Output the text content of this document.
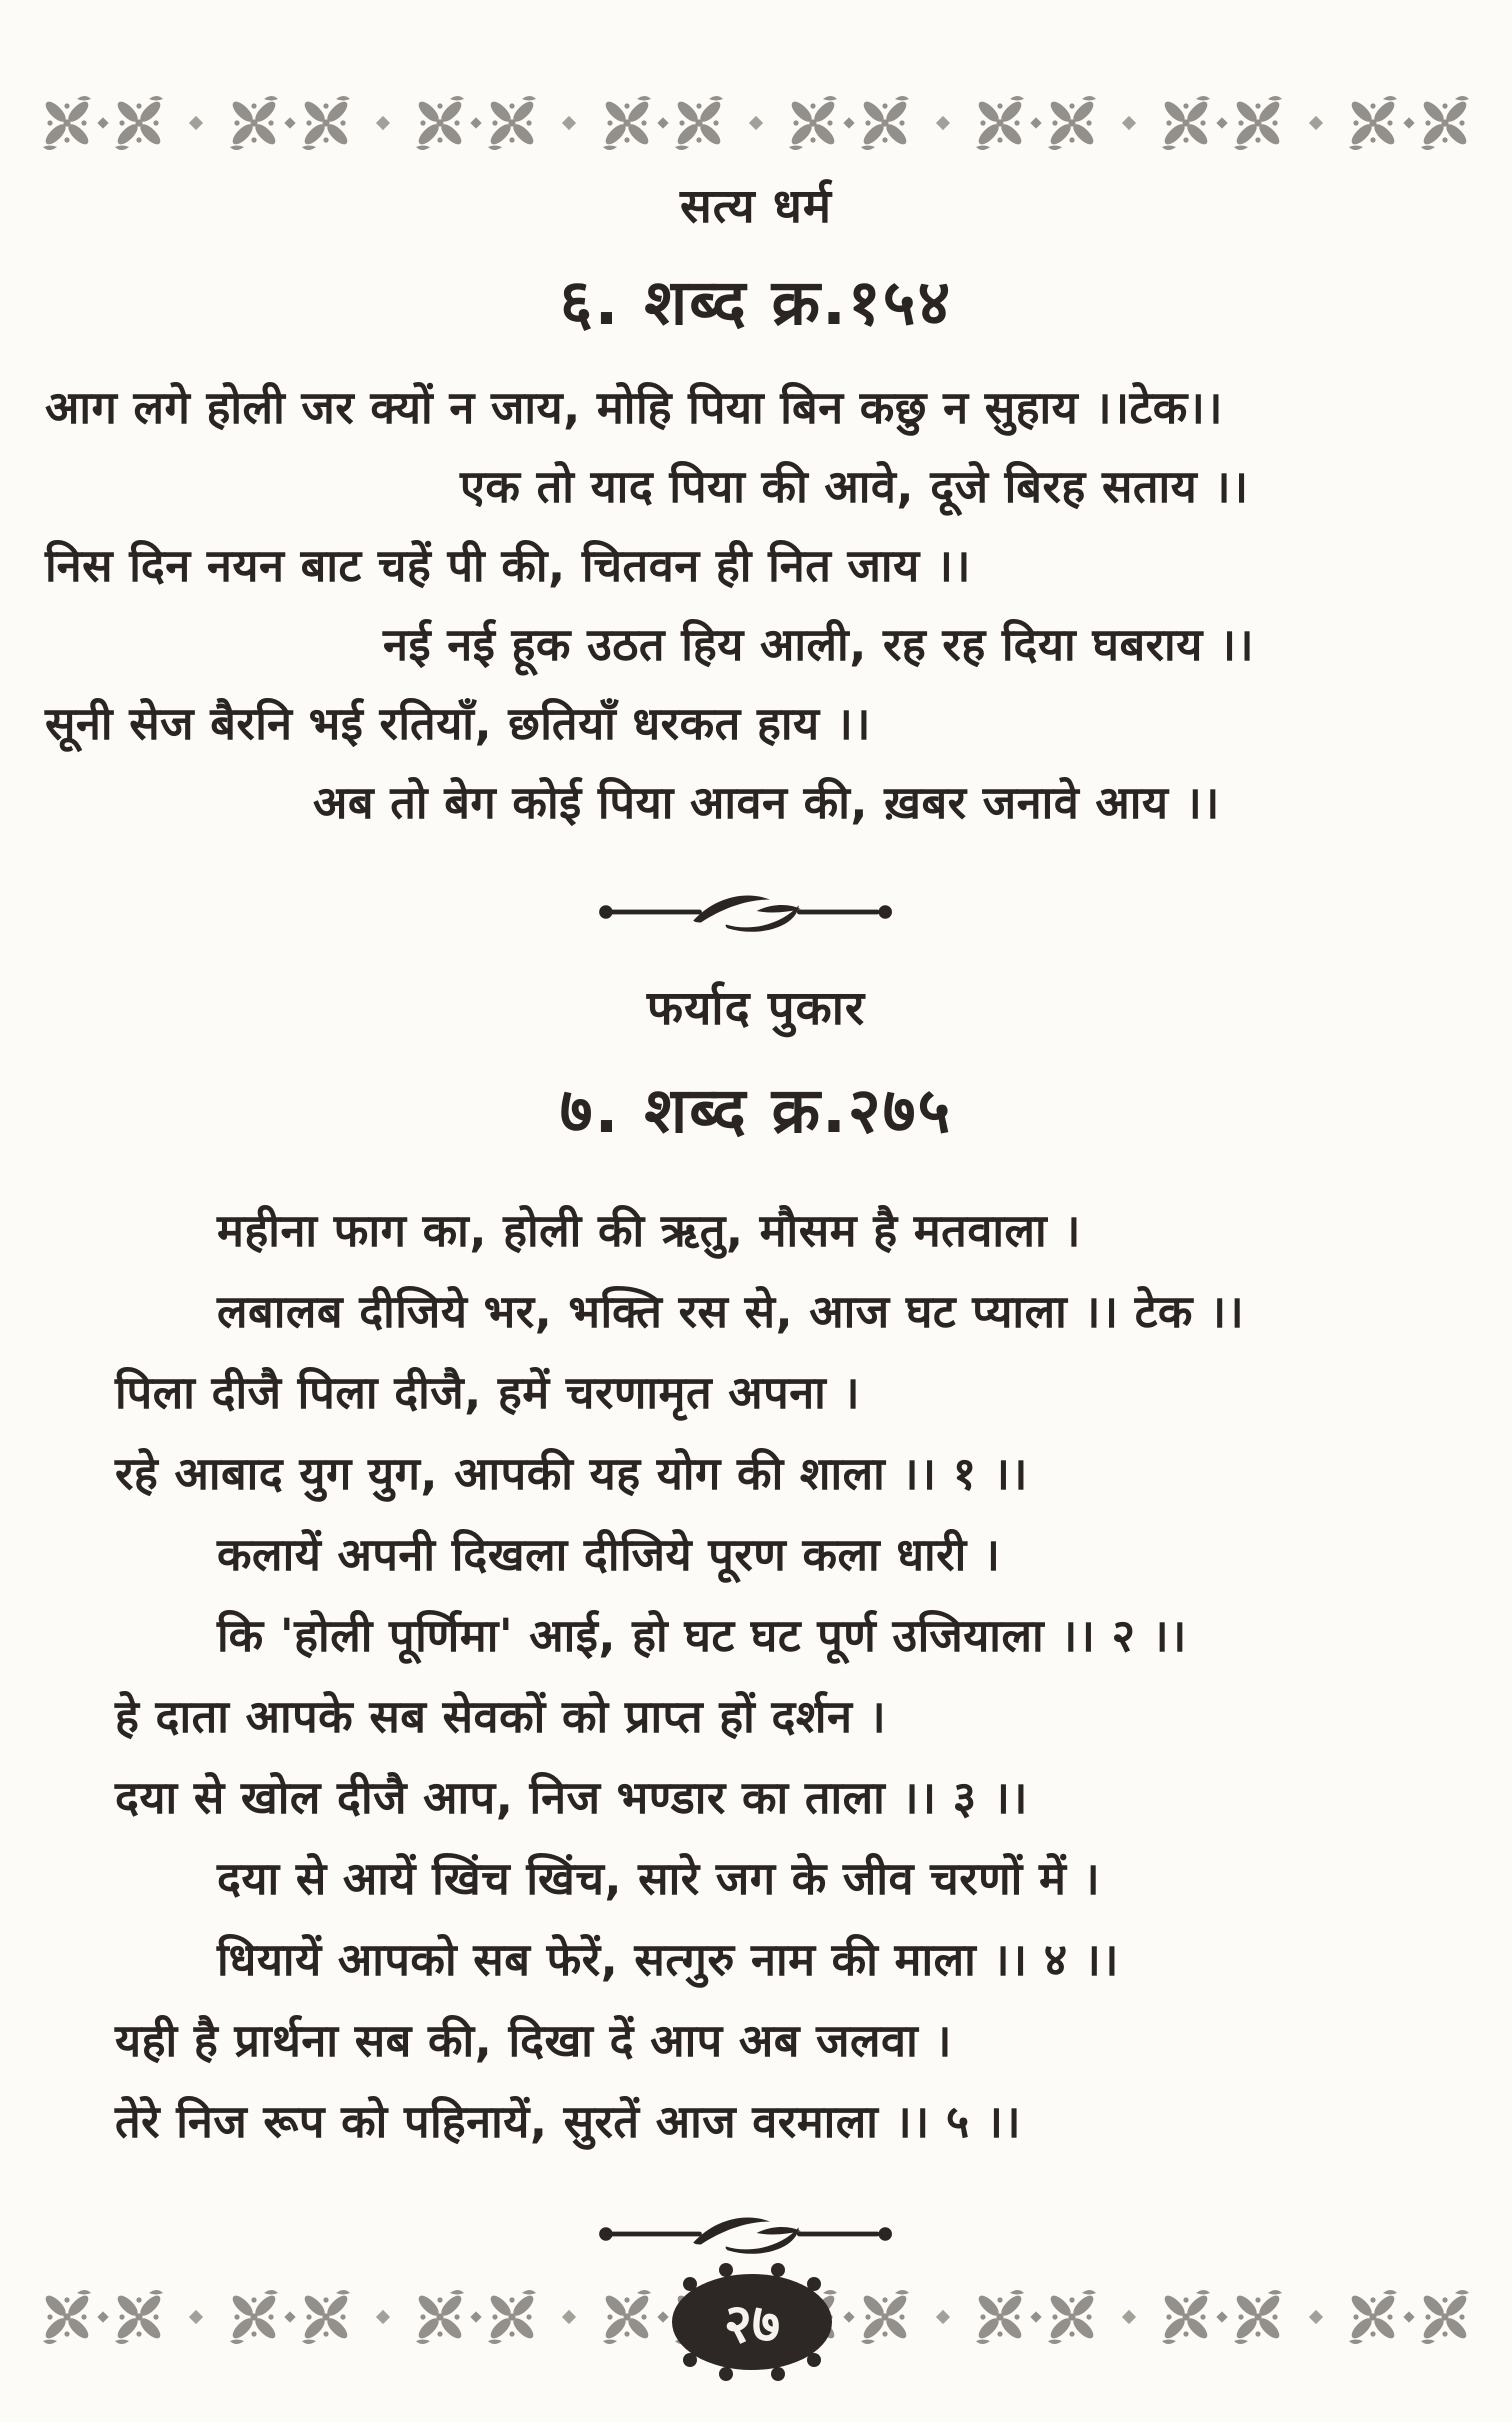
सत्य धर्म
६. शब्द क्र.१५४

आग लगे होली जर क्यों न जाय, मोहि पिया बिन कछु न सुहाय ।।टेक।।

एक तो याद पिया की आवे, दूजे बिरह सताय ।।

निस दिन नयन बाट चहें पी की, चितवन ही नित जाय ।।

नई नई हूक उठत हिय आली, रह रह दिया घबराय ।।

सूनी सेज बैरनि भई रतियाँ, छतियाँ धरकत हाय ।।

अब तो बेग कोई पिया आवन की, ख़बर जनावे आय ।।

फर्याद पुकार
७. शब्द क्र.२७५

महीना फाग का, होली की ऋतु, मौसम है मतवाला ।

लबालब दीजिये भर, भक्ति रस से, आज घट प्याला ।। टेक ।।

पिला दीजै पिला दीजै, हमें चरणामृत अपना ।

रहे आबाद युग युग, आपकी यह योग की शाला ।। १ ।।

कलायें अपनी दिखला दीजिये पूरण कला धारी ।

कि 'होली पूर्णिमा' आई, हो घट घट पूर्ण उजियाला ।। २ ।।

हे दाता आपके सब सेवकों को प्राप्त हों दर्शन ।

दया से खोल दीजै आप, निज भण्डार का ताला ।। ३ ।।

दया से आयें खिंच खिंच, सारे जग के जीव चरणों में ।

धियायें आपको सब फेरें, सत्गुरु नाम की माला ।। ४ ।।

यही है प्रार्थना सब की, दिखा दें आप अब जलवा ।

तेरे निज रूप को पहिनायें, सुरतें आज वरमाला ।। ५ ।।

२७
